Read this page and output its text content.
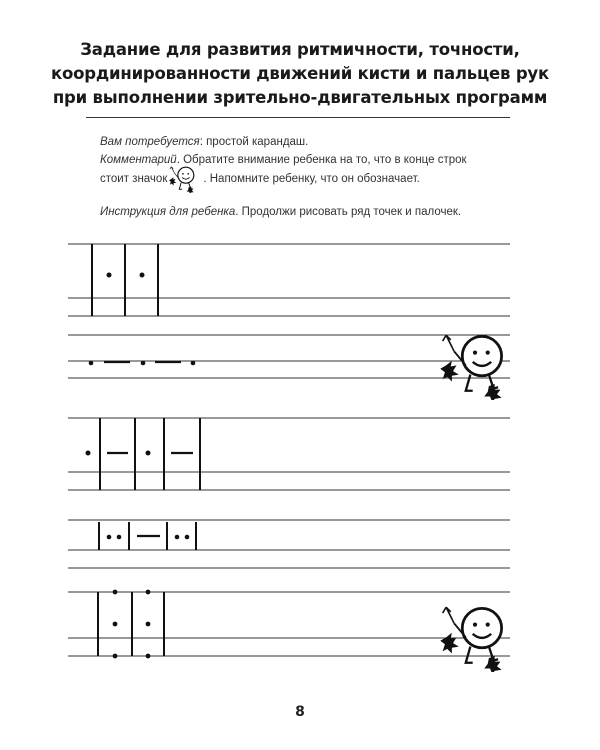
Задание для развития ритмичности, точности,
координированности движений кисти и пальцев рук
при выполнении зрительно-двигательных программ
Вам потребуется: простой карандаш.
Комментарий. Обратите внимание ребенка на то, что в конце строк
стоит значок	. Напомните ребенку, что он обозначает.
Инструкция для ребенка. Продолжи рисовать ряд точек и палочек.
8
